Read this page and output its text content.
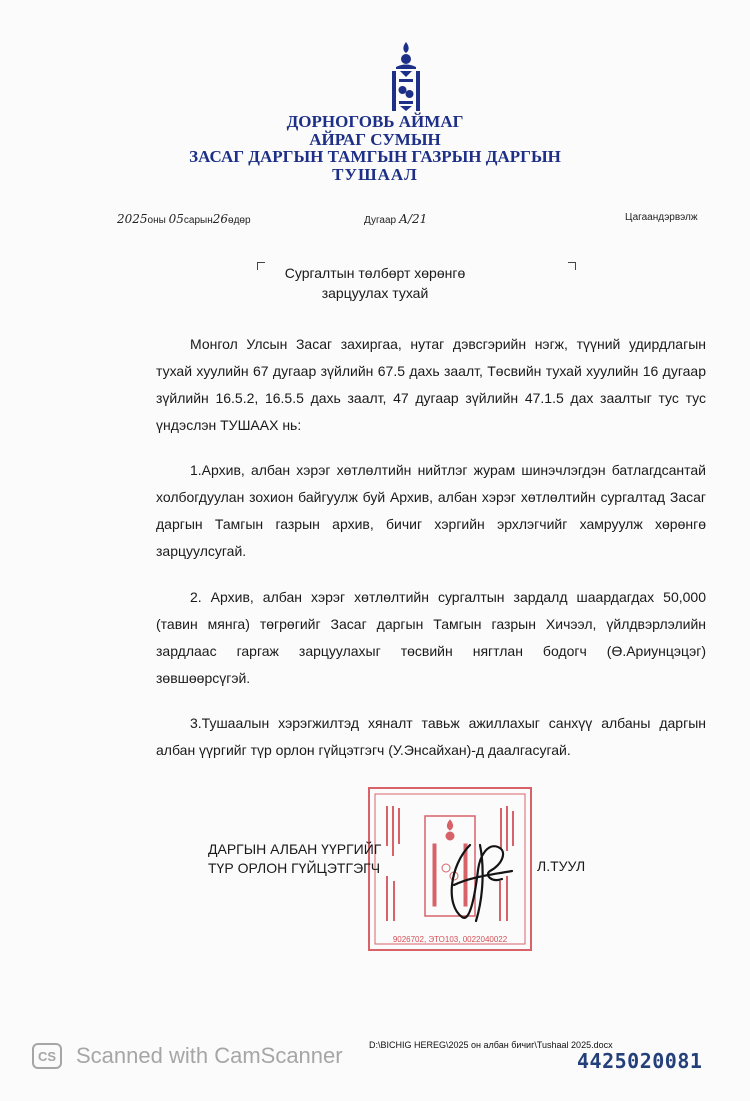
ДОРНОГОВЬ АЙМАГ
АЙРАГ СУМЫН
ЗАСАГ ДАРГЫН ТАМГЫН ГАЗРЫН ДАРГЫН
ТУШААЛ
2025оны 05сарын26өдөр	Дугаар А/21	Цагаандэрвэлж
Сургалтын төлбөрт хөрөнгө
зарцуулах тухай
Монгол Улсын Засаг захиргаа, нутаг дэвсгэрийн нэгж, түүний удирдлагын тухай хуулийн 67 дугаар зүйлийн 67.5 дахь заалт, Төсвийн тухай хуулийн 16 дугаар зүйлийн 16.5.2, 16.5.5 дахь заалт, 47 дугаар зүйлийн 47.1.5 дах заалтыг тус тус үндэслэн ТУШААХ нь:
1.Архив, албан хэрэг хөтлөлтийн нийтлэг журам шинэчлэгдэн батлагдсантай холбогдуулан зохион байгуулж буй Архив, албан хэрэг хөтлөлтийн сургалтад Засаг даргын Тамгын газрын архив, бичиг хэргийн эрхлэгчийг хамруулж хөрөнгө зарцуулсугай.
2. Архив, албан хэрэг хөтлөлтийн сургалтын зардалд шаардагдах 50,000 (тавин мянга) төгрөгийг Засаг даргын Тамгын газрын Хичээл, үйлдвэрлэлийн зардлаас гаргаж зарцуулахыг төсвийн нягтлан бодогч (Ө.Ариунцэцэг) зөвшөөрсүгэй.
3.Тушаалын хэрэгжилтэд хяналт тавьж ажиллахыг санхүү албаны даргын албан үүргийг түр орлон гүйцэтгэгч (У.Энсайхан)-д даалгасугай.
9026702, ЭТО103, 0022040022
ДАРГЫН АЛБАН ҮҮРГИЙГ
ТҮР ОРЛОН ГҮЙЦЭТГЭГЧ	Л.ТУУЛ
D:\BICHIG HEREG\2025 он албан бичиг\Tushaal 2025.docx
4425020081
CS Scanned with CamScanner
